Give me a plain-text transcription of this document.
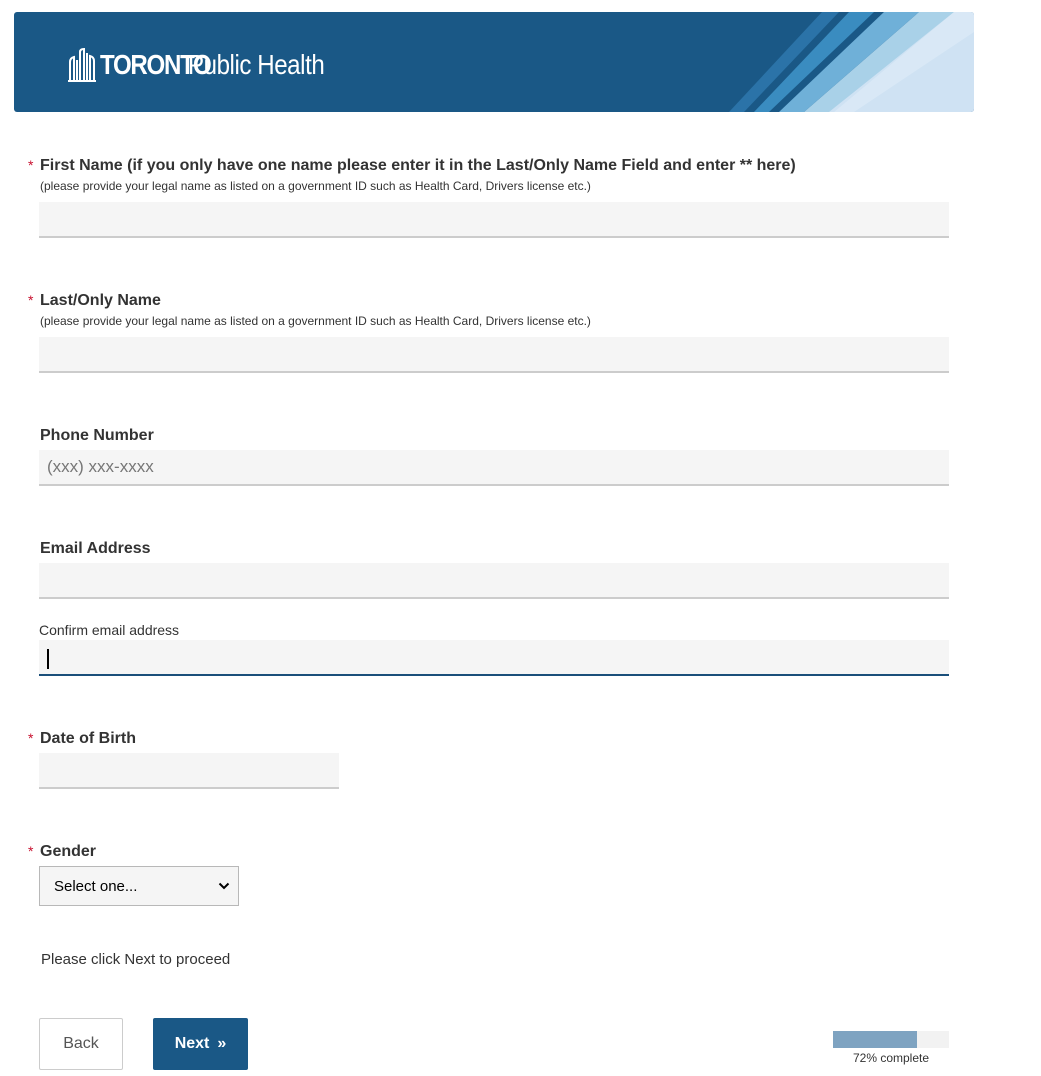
TORONTO
Public Health
* First Name (if you only have one name please enter it in the Last/Only Name Field and enter ** here)
(please provide your legal name as listed on a government ID such as Health Card, Drivers license etc.)
* Last/Only Name
(please provide your legal name as listed on a government ID such as Health Card, Drivers license etc.)
Phone Number
(xxx) xxx-xxxx
Email Address
Confirm email address
* Date of Birth
* Gender
Select one...
Please click Next to proceed
Back	Next »
72% complete
